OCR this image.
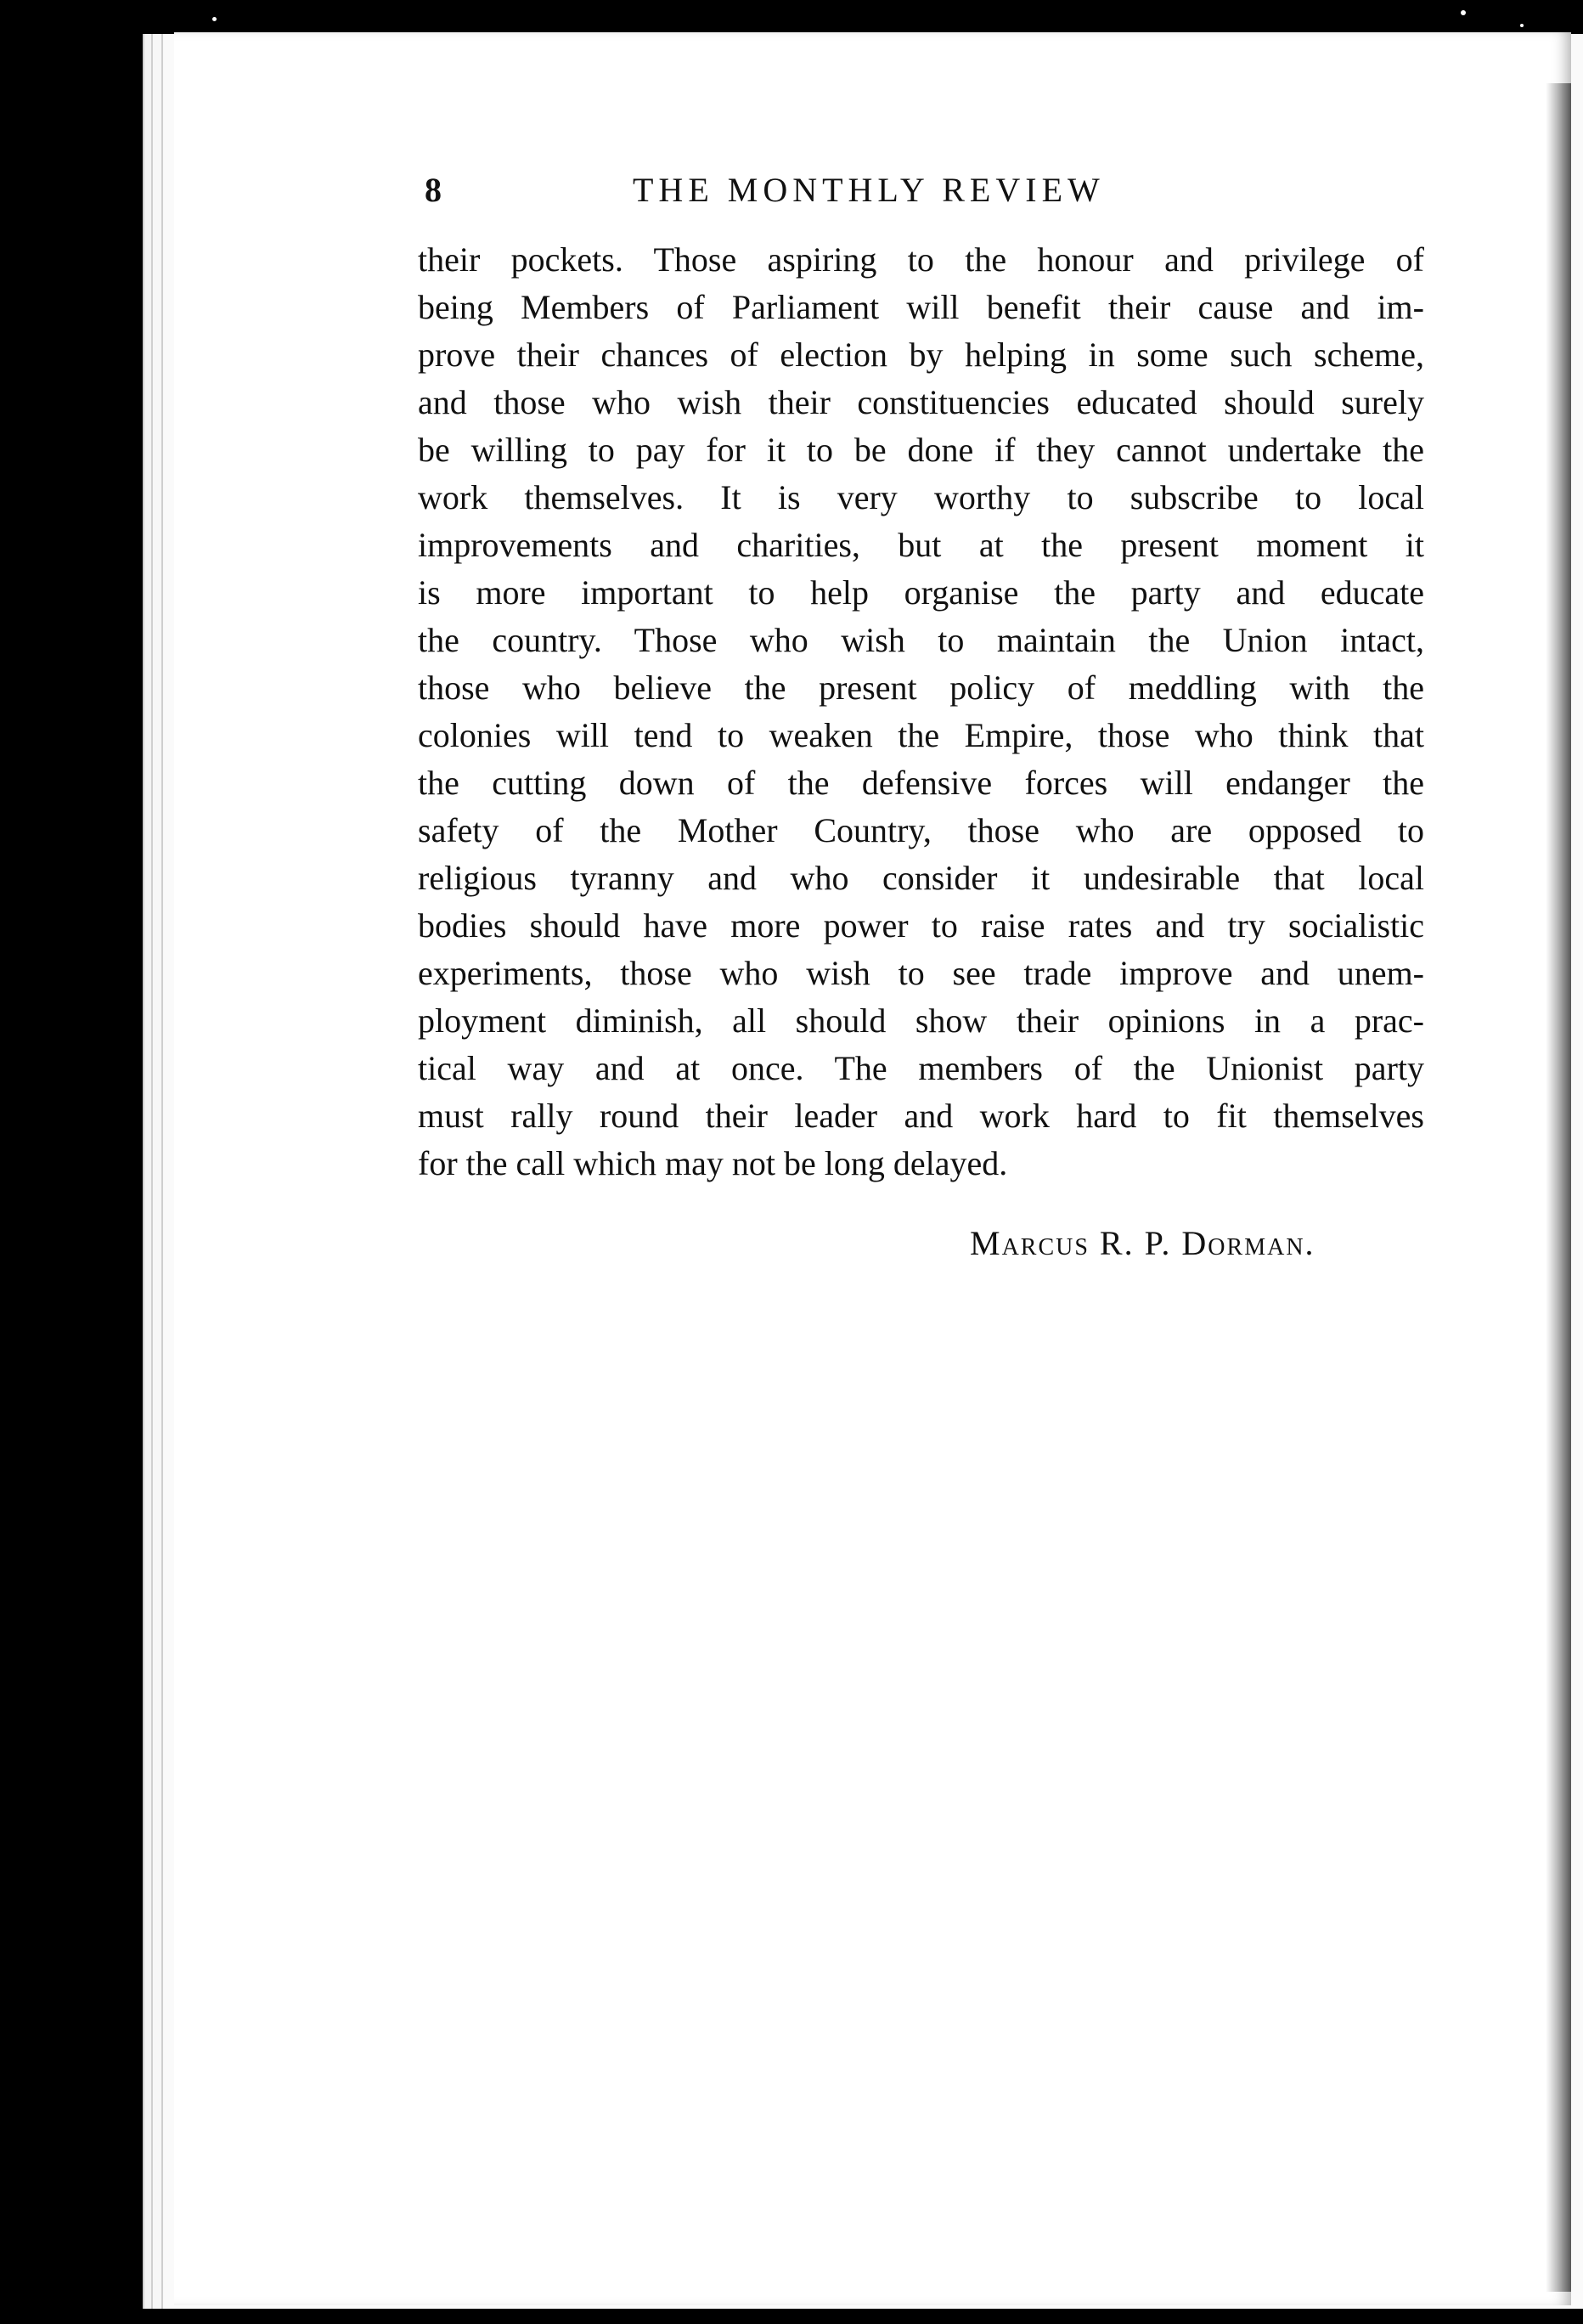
8	THE MONTHLY REVIEW
their pockets. Those aspiring to the honour and privilege of
being Members of Parliament will benefit their cause and im-
prove their chances of election by helping in some such scheme,
and those who wish their constituencies educated should surely
be willing to pay for it to be done if they cannot undertake the
work themselves. It is very worthy to subscribe to local
improvements and charities, but at the present moment it
is more important to help organise the party and educate
the country. Those who wish to maintain the Union intact,
those who believe the present policy of meddling with the
colonies will tend to weaken the Empire, those who think that
the cutting down of the defensive forces will endanger the
safety of the Mother Country, those who are opposed to
religious tyranny and who consider it undesirable that local
bodies should have more power to raise rates and try socialistic
experiments, those who wish to see trade improve and unem-
ployment diminish, all should show their opinions in a prac-
tical way and at once. The members of the Unionist party
must rally round their leader and work hard to fit themselves
for the call which may not be long delayed.
Marcus R. P. Dorman.
